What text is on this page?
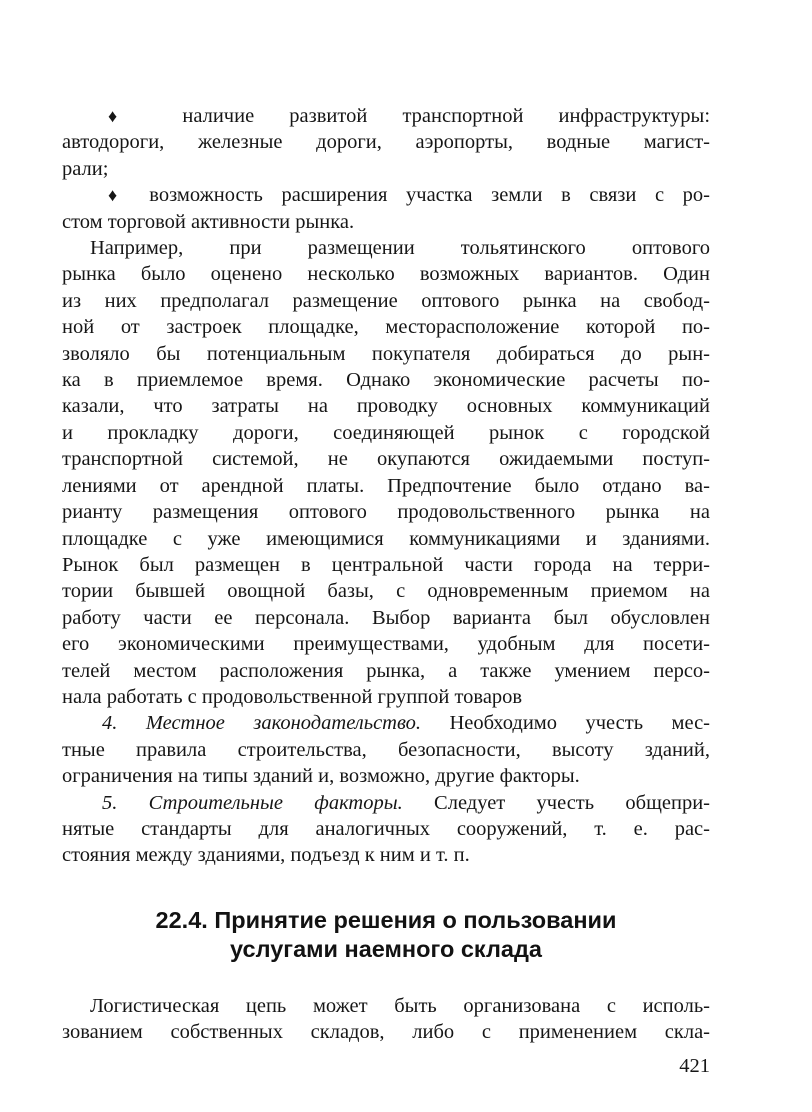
♦ наличие развитой транспортной инфраструктуры:
автодороги, железные дороги, аэропорты, водные магист-
рали;
♦ возможность расширения участка земли в связи с ро-
стом торговой активности рынка.
Например, при размещении тольятинского оптового
рынка было оценено несколько возможных вариантов. Один
из них предполагал размещение оптового рынка на свобод-
ной от застроек площадке, месторасположение которой по-
зволяло бы потенциальным покупателя добираться до рын-
ка в приемлемое время. Однако экономические расчеты по-
казали, что затраты на проводку основных коммуникаций
и прокладку дороги, соединяющей рынок с городской
транспортной системой, не окупаются ожидаемыми поступ-
лениями от арендной платы. Предпочтение было отдано ва-
рианту размещения оптового продовольственного рынка на
площадке с уже имеющимися коммуникациями и зданиями.
Рынок был размещен в центральной части города на терри-
тории бывшей овощной базы, с одновременным приемом на
работу части ее персонала. Выбор варианта был обусловлен
его экономическими преимуществами, удобным для посети-
телей местом расположения рынка, а также умением персо-
нала работать с продовольственной группой товаров
4. Местное законодательство. Необходимо учесть мес-
тные правила строительства, безопасности, высоту зданий,
ограничения на типы зданий и, возможно, другие факторы.
5. Строительные факторы. Следует учесть общепри-
нятые стандарты для аналогичных сооружений, т. е. рас-
стояния между зданиями, подъезд к ним и т. п.
22.4. Принятие решения о пользовании
услугами наемного склада
Логистическая цепь может быть организована с исполь-
зованием собственных складов, либо с применением скла-
421
